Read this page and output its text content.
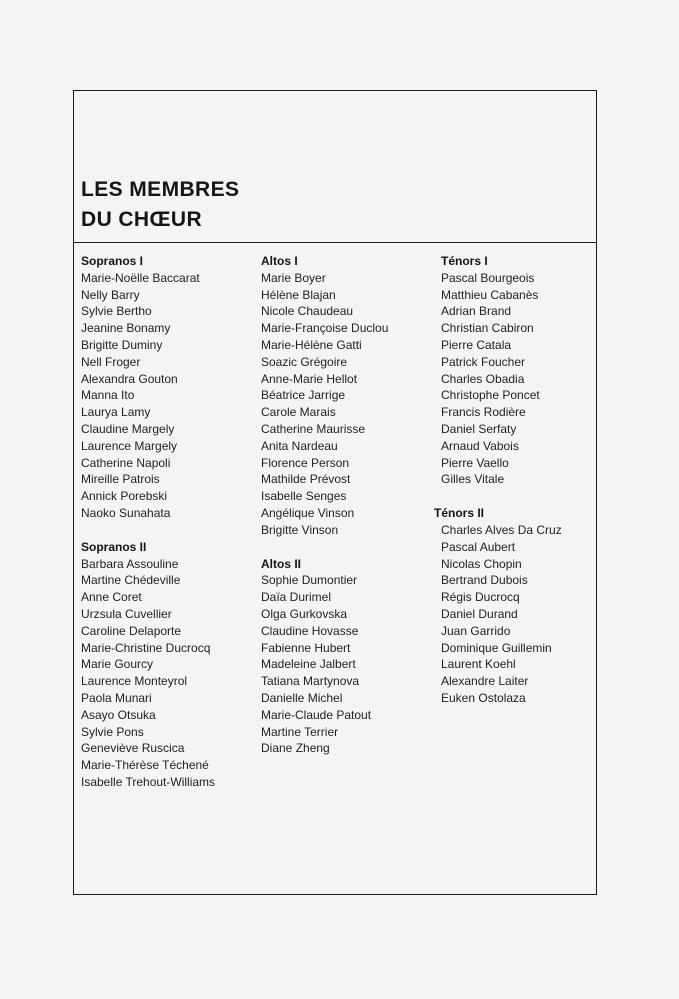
LES MEMBRES
DU CHŒUR
Sopranos I
Marie-Noëlle Baccarat
Nelly Barry
Sylvie Bertho
Jeanine Bonamy
Brigitte Duminy
Nell Froger
Alexandra Gouton
Manna Ito
Laurya Lamy
Claudine Margely
Laurence Margely
Catherine Napoli
Mireille Patrois
Annick Porebski
Naoko Sunahata
Sopranos II
Barbara Assouline
Martine Chédeville
Anne Coret
Urzsula Cuvellier
Caroline Delaporte
Marie-Christine Ducrocq
Marie Gourcy
Laurence Monteyrol
Paola Munari
Asayo Otsuka
Sylvie Pons
Geneviève Ruscica
Marie-Thérèse Téchené
Isabelle Trehout-Williams
Altos I
Marie Boyer
Hélène Blajan
Nicole Chaudeau
Marie-Françoise Duclou
Marie-Hélène Gatti
Soazic Grégoire
Anne-Marie Hellot
Béatrice Jarrige
Carole Marais
Catherine Maurisse
Anita Nardeau
Florence Person
Mathilde Prévost
Isabelle Senges
Angélique Vinson
Brigitte Vinson
Altos II
Sophie Dumontier
Daïa Durimel
Olga Gurkovska
Claudine Hovasse
Fabienne Hubert
Madeleine Jalbert
Tatiana Martynova
Danielle Michel
Marie-Claude Patout
Martine Terrier
Diane Zheng
Ténors I
Pascal Bourgeois
Matthieu Cabanès
Adrian Brand
Christian Cabiron
Pierre Catala
Patrick Foucher
Charles Obadia
Christophe Poncet
Francis Rodière
Daniel Serfaty
Arnaud Vabois
Pierre Vaello
Gilles Vitale
Ténors II
Charles Alves Da Cruz
Pascal Aubert
Nicolas Chopin
Bertrand Dubois
Régis Ducrocq
Daniel Durand
Juan Garrido
Dominique Guillemin
Laurent Koehl
Alexandre Laiter
Euken Ostolaza
